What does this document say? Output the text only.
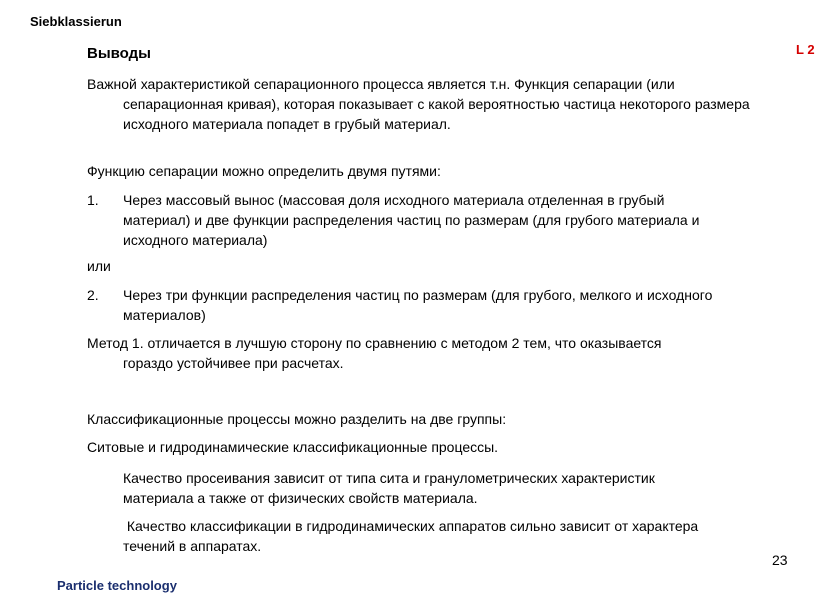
Siebklassierun
L 2
Выводы
Важной характеристикой сепарационного процесса является т.н. Функция сепарации (или сепарационная кривая), которая показывает с какой вероятностью частица некоторого размера исходного материала попадет в грубый материал.
Функцию сепарации можно определить двумя путями:
1. Через массовый вынос (массовая доля исходного материала отделенная в грубый материал) и две функции распределения частиц по размерам (для грубого материала и исходного материала)
или
2. Через три функции распределения частиц по размерам (для грубого, мелкого и исходного материалов)
Метод 1. отличается в лучшую сторону по сравнению с методом 2 тем, что оказывается гораздо устойчивее при расчетах.
Классификационные процессы можно разделить на две группы:
Ситовые и гидродинамические классификационные процессы.
Качество просеивания зависит от типа сита и гранулометрических характеристик материала а также от физических свойств материала.
Качество классификации в гидродинамических аппаратов сильно зависит от характера течений в аппаратах.
23
Particle technology
